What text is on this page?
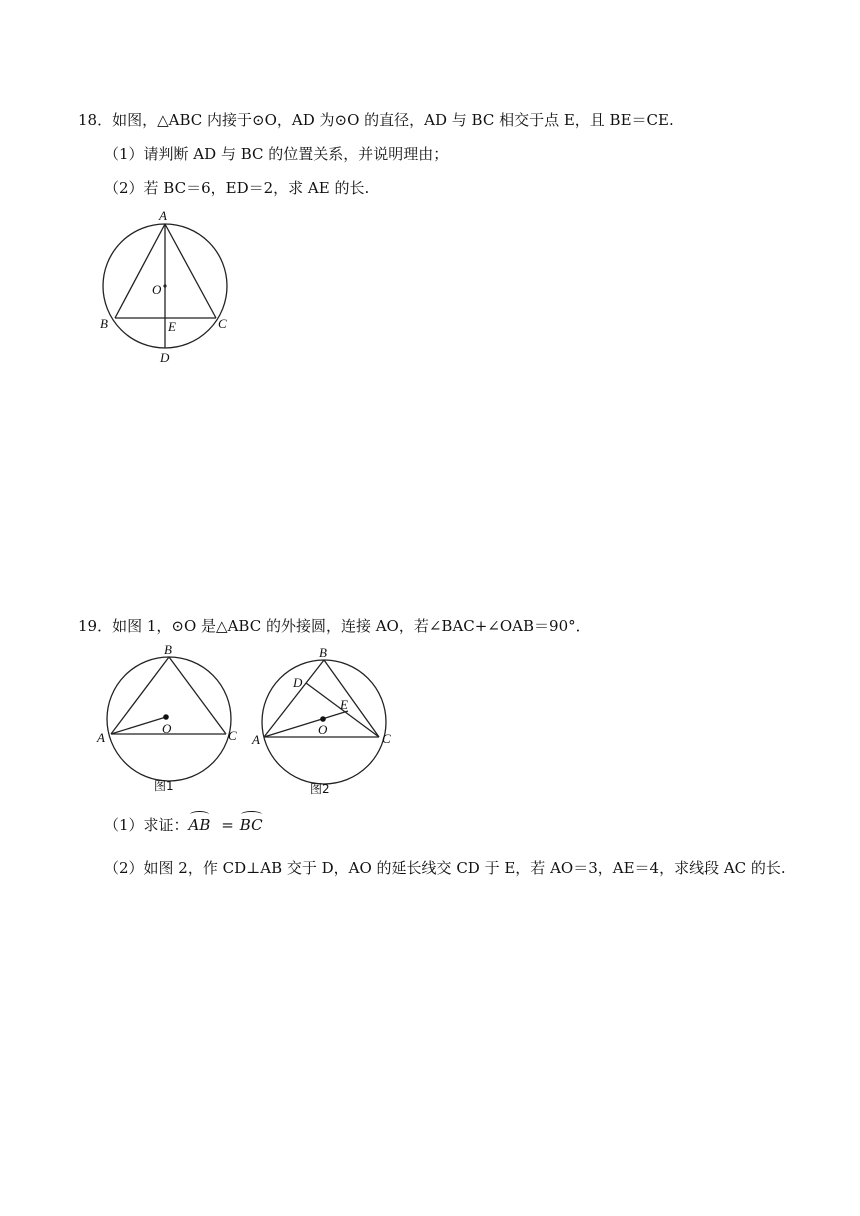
18．如图，△ABC 内接于⊙O，AD 为⊙O 的直径，AD 与 BC 相交于点 E，且 BE＝CE.
（1）请判断 AD 与 BC 的位置关系，并说明理由；
（2）若 BC＝6，ED＝2，求 AE 的长.
A
B	C
D
E
O
19．如图 1，⊙O 是△ABC 的外接圆，连接 AO，若∠BAC+∠OAB＝90°．
B
A	C
O
图1
B
A	C
D
E
O
图2
（1）求证：
AB = BC
（2）如图 2，作 CD⊥AB 交于 D，AO 的延长线交 CD 于 E，若 AO＝3，AE＝4，求线段 AC 的长.
